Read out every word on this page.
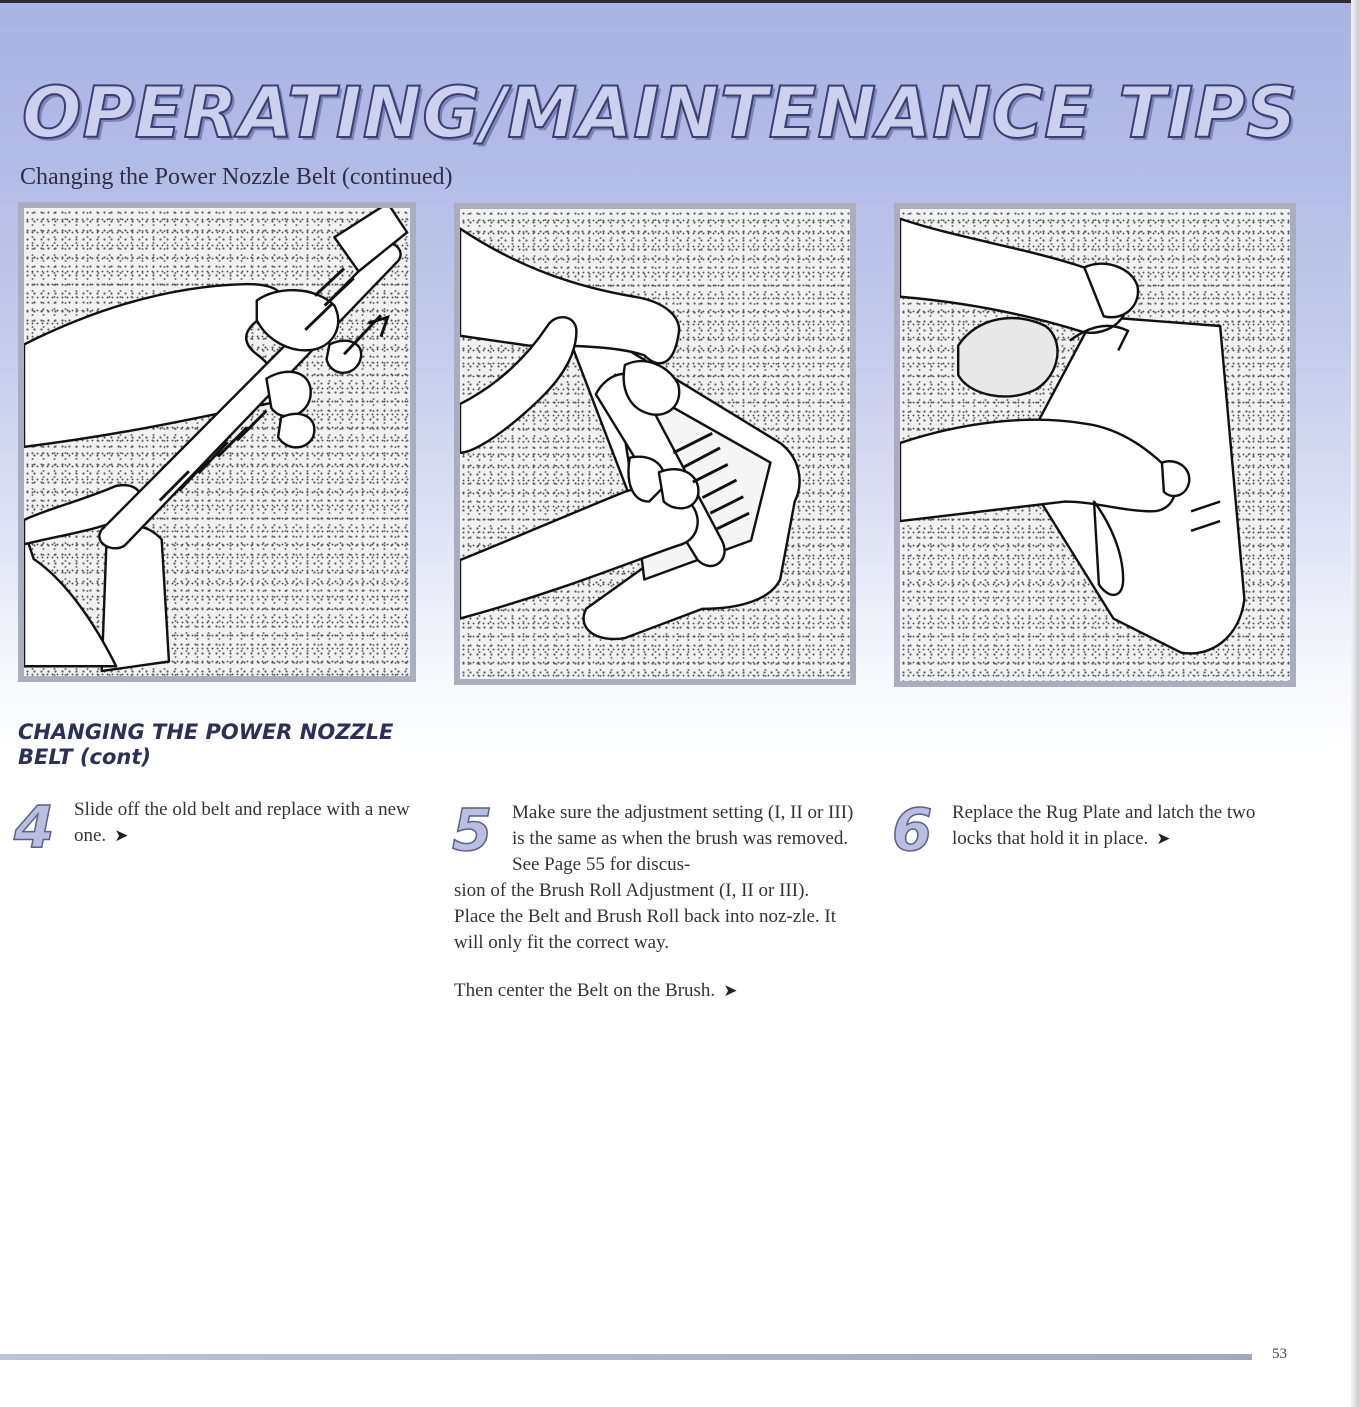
OPERATING/MAINTENANCE TIPS
Changing the Power Nozzle Belt (continued)
CHANGING THE POWER NOZZLE
BELT (cont)
4 Slide off the old belt and replace with a new one. ➤	5	Make sure the adjustment setting (I, II or III) is the same as when the brush was removed. See Page 55 for discus-
sion of the Brush Roll Adjustment (I, II or III). Place the Belt and Brush Roll back into noz-zle. It will only fit the correct way.
Then center the Belt on the Brush. ➤
6 Replace the Rug Plate and latch the two locks that hold it in place. ➤
53
